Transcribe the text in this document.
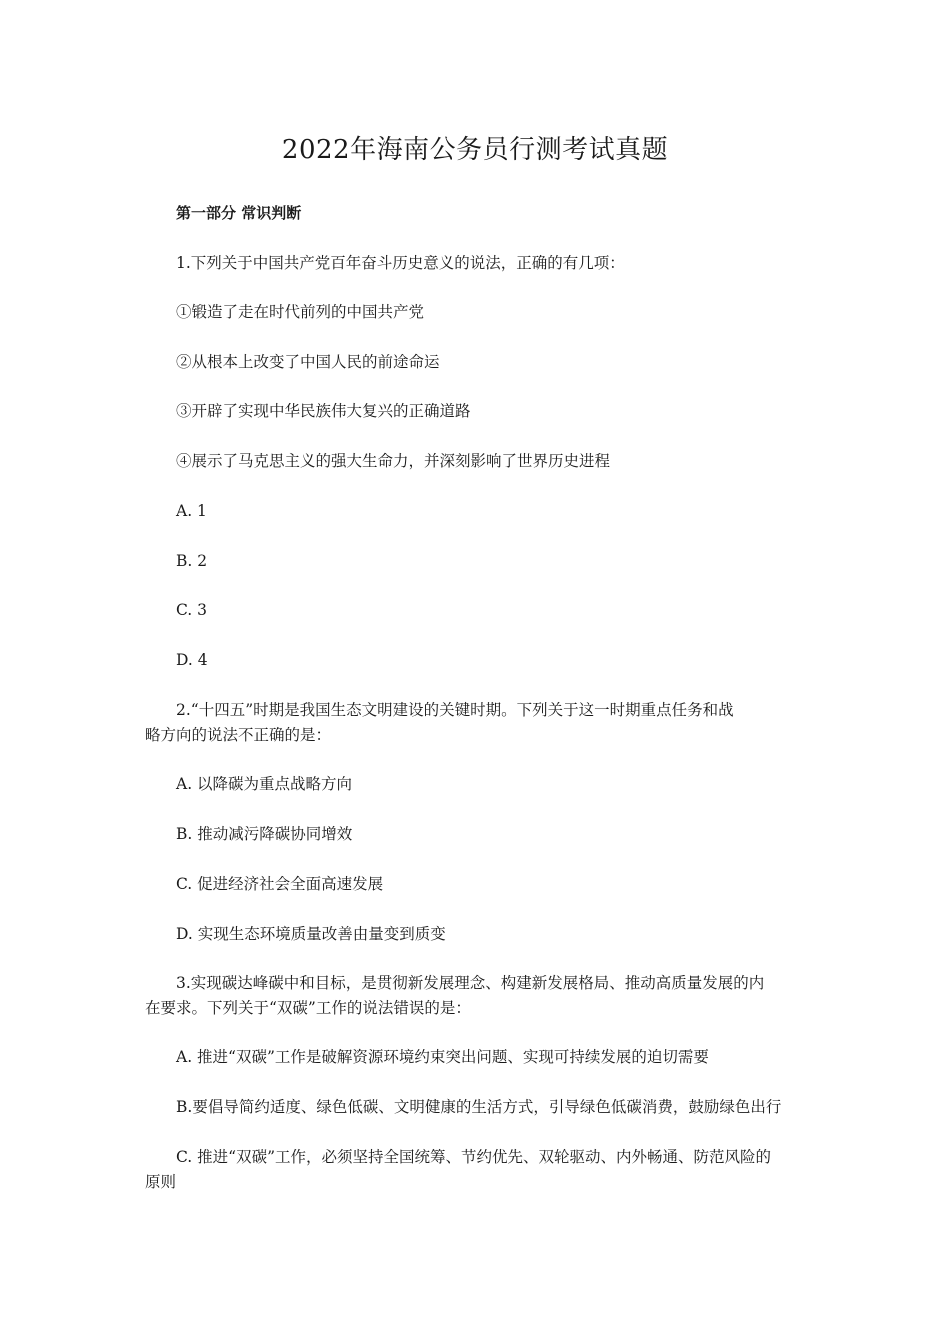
2022年海南公务员行测考试真题
第一部分 常识判断
1.下列关于中国共产党百年奋斗历史意义的说法，正确的有几项：
①锻造了走在时代前列的中国共产党
②从根本上改变了中国人民的前途命运
③开辟了实现中华民族伟大复兴的正确道路
④展示了马克思主义的强大生命力，并深刻影响了世界历史进程
A. 1
B. 2
C. 3
D. 4
2.“十四五”时期是我国生态文明建设的关键时期。下列关于这一时期重点任务和战
略方向的说法不正确的是：
A. 以降碳为重点战略方向
B. 推动减污降碳协同增效
C. 促进经济社会全面高速发展
D. 实现生态环境质量改善由量变到质变
3.实现碳达峰碳中和目标，是贯彻新发展理念、构建新发展格局、推动高质量发展的内
在要求。下列关于“双碳”工作的说法错误的是：
A. 推进“双碳”工作是破解资源环境约束突出问题、实现可持续发展的迫切需要
B.要倡导简约适度、绿色低碳、文明健康的生活方式，引导绿色低碳消费，鼓励绿色出行
C. 推进“双碳”工作，必须坚持全国统筹、节约优先、双轮驱动、内外畅通、防范风险的
原则
